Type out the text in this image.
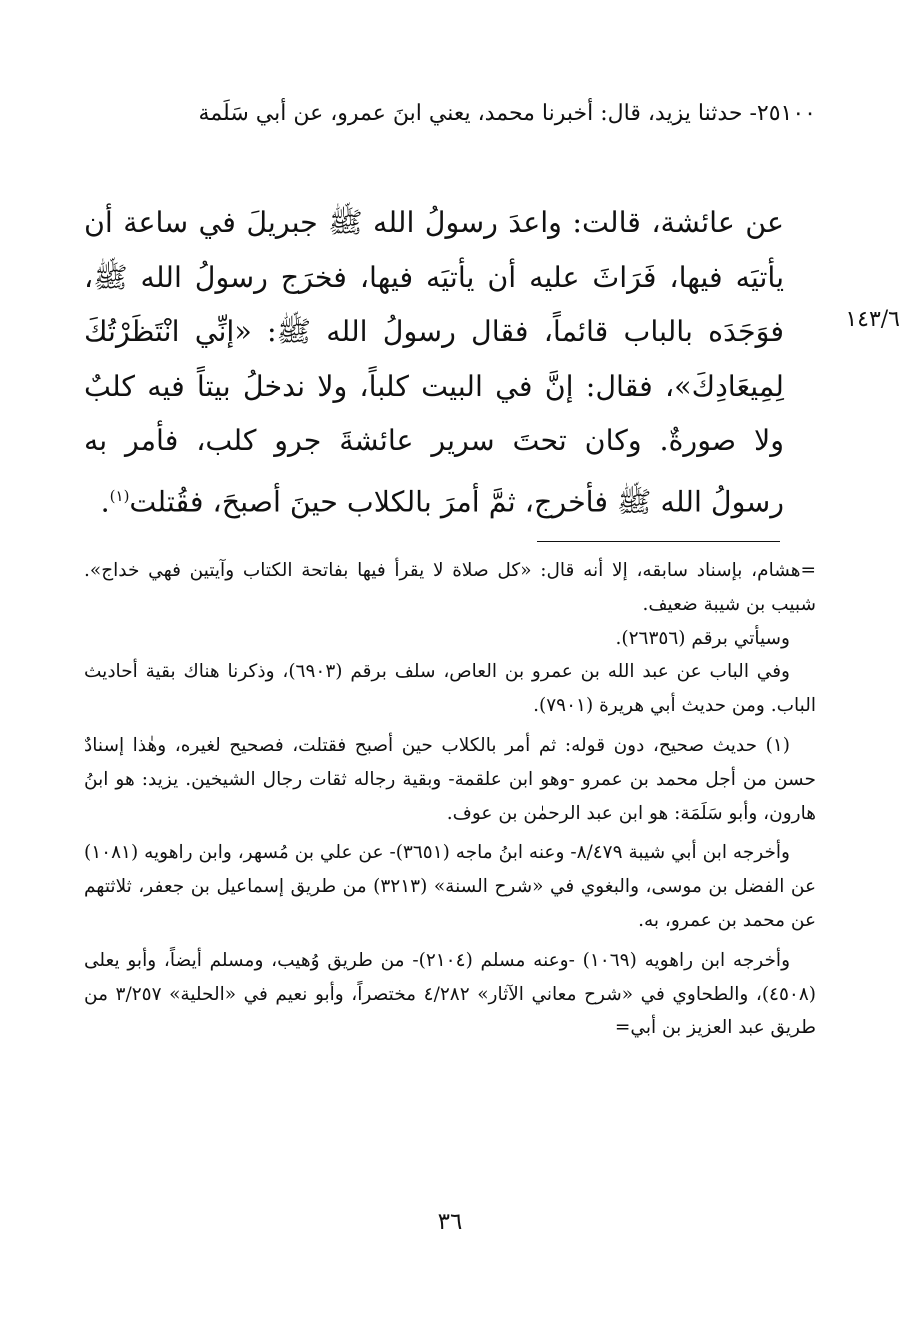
٢٥١٠٠- حدثنا يزيد، قال: أخبرنا محمد، يعني ابنَ عمرو، عن أبي سَلَمة
عن عائشة، قالت: واعدَ رسولُ الله ﷺ جبريلَ في ساعة أن يأتيَه فيها، فَرَاثَ عليه أن يأتيَه فيها، فخرَج رسولُ الله ﷺ، فوَجَدَه بالباب قائماً، فقال رسولُ الله ﷺ: «إنِّي انْتَظَرْتُكَ لِمِيعَادِكَ»، فقال: إنَّ في البيت كلباً، ولا ندخلُ بيتاً فيه كلبٌ ولا صورةٌ. وكان تحتَ سرير عائشةَ جرو كلب، فأمر به رسولُ الله ﷺ فأخرج، ثمَّ أمرَ بالكلاب حينَ أصبحَ، فقُتلت$^{(١)}$.
١٤٣/٦

=هشام، بإسناد سابقه، إلا أنه قال: «كل صلاة لا يقرأ فيها بفاتحة الكتاب وآيتين فهي خداج». شبيب بن شيبة ضعيف.

وسيأتي برقم (٢٦٣٥٦).

وفي الباب عن عبد الله بن عمرو بن العاص، سلف برقم (٦٩٠٣)، وذكرنا هناك بقية أحاديث الباب. ومن حديث أبي هريرة (٧٩٠١).

(١) حديث صحيح، دون قوله: ثم أمر بالكلاب حين أصبح فقتلت، فصحيح لغيره، وهٰذا إسنادٌ حسن من أجل محمد بن عمرو -وهو ابن علقمة- وبقية رجاله ثقات رجال الشيخين. يزيد: هو ابنُ هارون، وأبو سَلَمَة: هو ابن عبد الرحمٰن بن عوف.

وأخرجه ابن أبي شيبة ٨/٤٧٩- وعنه ابنُ ماجه (٣٦٥١)- عن علي بن مُسهر، وابن راهويه (١٠٨١) عن الفضل بن موسى، والبغوي في «شرح السنة» (٣٢١٣) من طريق إسماعيل بن جعفر، ثلاثتهم عن محمد بن عمرو، به.

وأخرجه ابن راهويه (١٠٦٩) -وعنه مسلم (٢١٠٤)- من طريق وُهيب، ومسلم أيضاً، وأبو يعلى (٤٥٠٨)، والطحاوي في «شرح معاني الآثار» ٤/٢٨٢ مختصراً، وأبو نعيم في «الحلية» ٣/٢٥٧ من طريق عبد العزيز بن أبي=

٣٦
